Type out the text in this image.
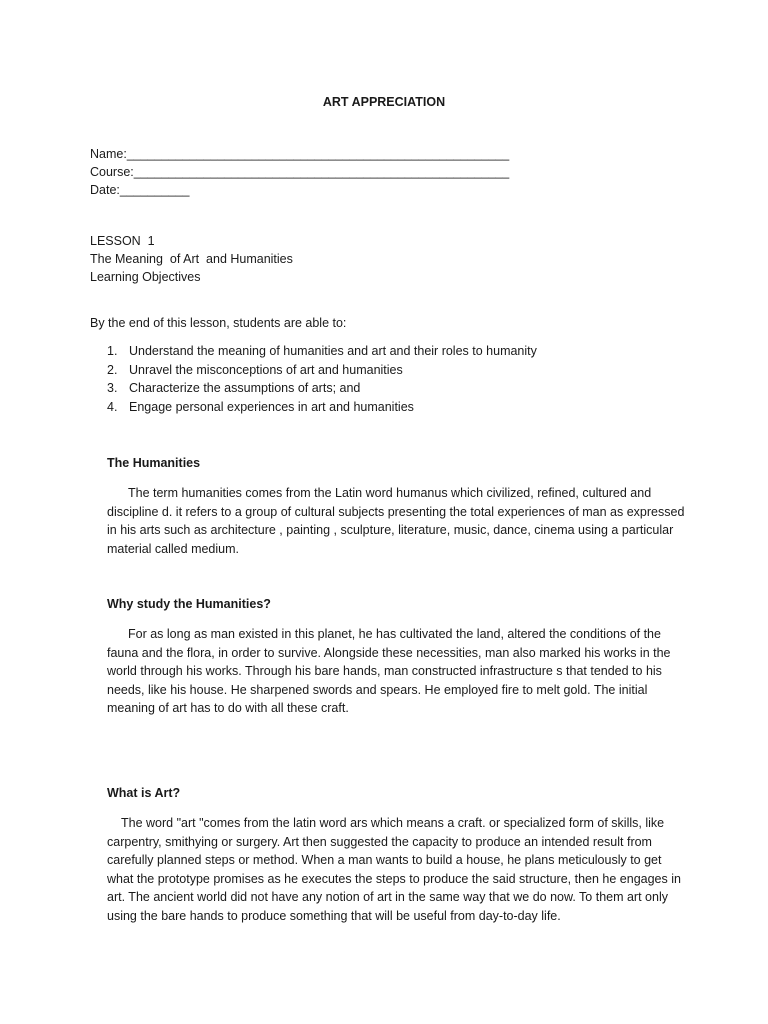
ART APPRECIATION
Name:_______________________________________________________
Course:______________________________________________________
Date:__________
LESSON  1
The Meaning  of Art  and Humanities
Learning Objectives
By the end of this lesson, students are able to:
1. Understand the meaning of humanities and art and their roles to humanity
2. Unravel the misconceptions of art and humanities
3. Characterize the assumptions of arts; and
4. Engage personal experiences in art and humanities
The Humanities

The term humanities comes from the Latin word humanus which civilized, refined, cultured and discipline d. it refers to a group of cultural subjects presenting the total experiences of man as expressed in his arts such as architecture , painting , sculpture, literature, music, dance, cinema using a particular material called medium.

Why study the Humanities?

For as long as man existed in this planet, he has cultivated the land, altered the conditions of the fauna and the flora, in order to survive. Alongside these necessities, man also marked his works in the world through his works. Through his bare hands, man constructed infrastructure s that tended to his needs, like his house. He sharpened swords and spears. He employed fire to melt gold. The initial meaning of art has to do with all these craft.

What is Art?

The word "art "comes from the latin word ars which means a craft. or specialized form of skills, like carpentry, smithying or surgery. Art then suggested the capacity to produce an intended result from carefully planned steps or method. When a man wants to build a house, he plans meticulously to get what the prototype promises as he executes the steps to produce the said structure, then he engages in art. The ancient world did not have any notion of art in the same way that we do now. To them art only using the bare hands to produce something that will be useful from day-to-day life.
